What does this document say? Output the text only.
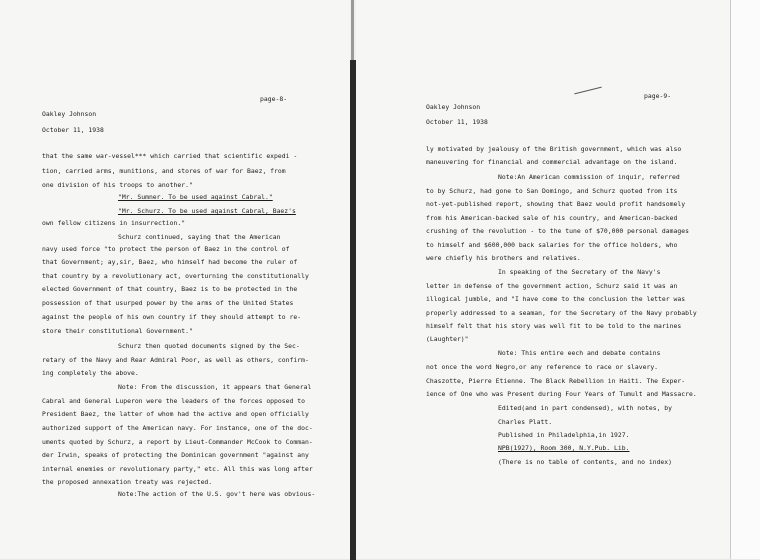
page-8-
Oakley Johnson
October 11, 1938
that the same war-vessel*** which carried that scientific expedi -
tion, carried arms, munitions, and stores of war for Baez, from
one division of his troops to another."
"Mr. Sumner. To be used against Cabral."
"Mr. Schurz. To be used against Cabral, Baez's
own fellow citizens in insurrection."
Schurz continued, saying that the American
navy used force "to protect the person of Baez in the control of
that Government; ay,sir, Baez, who himself had become the ruler of
that country by a revolutionary act, overturning the constitutionally
elected Government of that country, Baez is to be protected in the
possession of that usurped power by the arms of the United States
against the people of his own country if they should attempt to re-
store their constitutional Government."
Schurz then quoted documents signed by the Sec-
retary of the Navy and Rear Admiral Poor, as well as others, confirm-
ing completely the above.
Note: From the discussion, it appears that General
Cabral and General Luperon were the leaders of the forces opposed to
President Baez, the latter of whom had the active and open officially
authorized support of the American navy. For instance, one of the doc-
uments quoted by Schurz, a report by Lieut-Commander McCook to Comman-
der Irwin, speaks of protecting the Dominican government "against any
internal enemies or revolutionary party," etc. All this was long after
the proposed annexation treaty was rejected.
Note:The action of the U.S. gov't here was obvious-
page-9-
Oakley Johnson
October 11, 1938
ly motivated by jealousy of the British government, which was also
maneuvering for financial and commercial advantage on the island.
Note:An American commission of inquir, referred
to by Schurz, had gone to San Domingo, and Schurz quoted from its
not-yet-published report, showing that Baez would profit handsomely
from his American-backed sale of his country, and American-backed
crushing of the revolution - to the tune of $70,000 personal damages
to himself and $600,000 back salaries for the office holders, who
were chiefly his brothers and relatives.
In speaking of the Secretary of the Navy's
letter in defense of the government action, Schurz said it was an
illogical jumble, and "I have come to the conclusion the letter was
properly addressed to a seaman, for the Secretary of the Navy probably
himself felt that his story was well fit to be told to the marines
(Laughter)"
Note: This entire eech and debate contains
not once the word Negro,or any reference to race or slavery.
Chaszotte, Pierre Etienne. The Black Rebellion in Haiti. The Exper-
ience of One who was Present during Four Years of Tumult and Massacre.
Edited(and in part condensed), with notes, by
Charles Platt.
Published in Philadelphia,in 1927.
NPB(1927), Room 300, N.Y.Pub. Lib.
(There is no table of contents, and no index)
